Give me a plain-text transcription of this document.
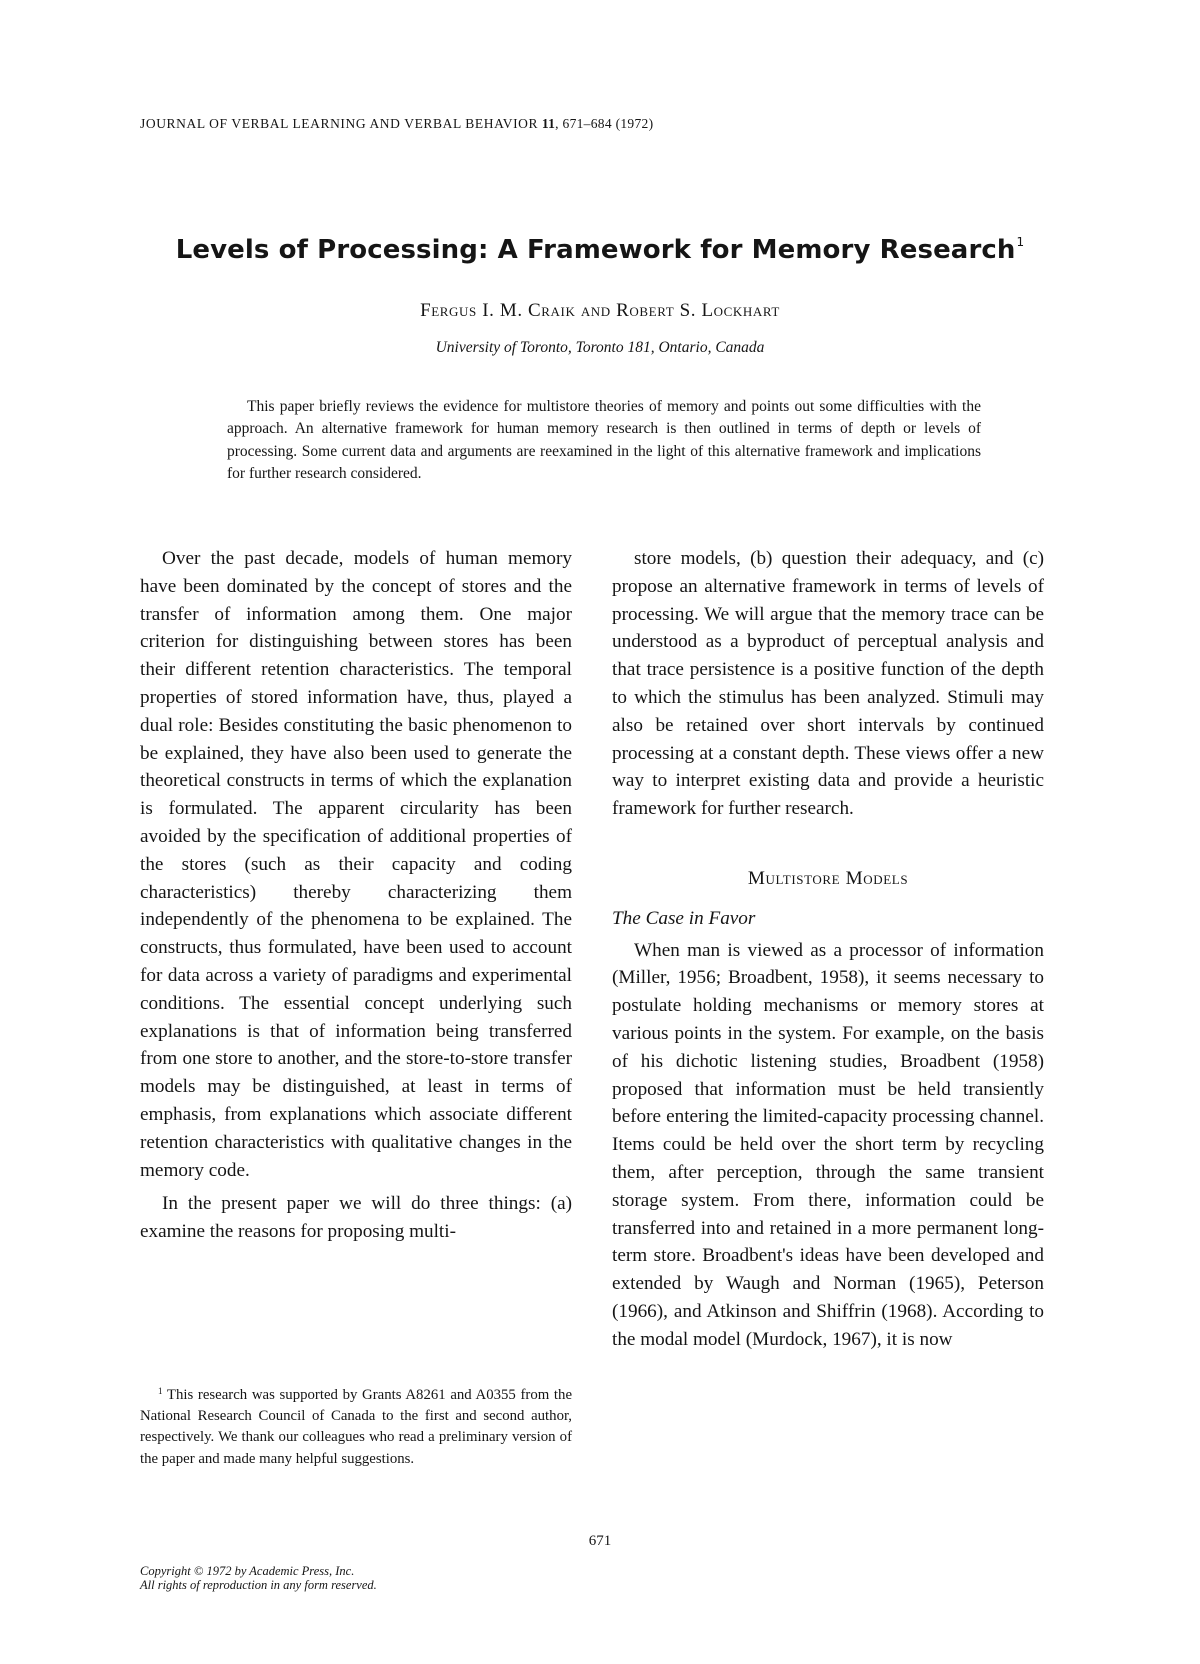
JOURNAL OF VERBAL LEARNING AND VERBAL BEHAVIOR 11, 671–684 (1972)
Levels of Processing: A Framework for Memory Research$^1$
Fergus I. M. Craik and Robert S. Lockhart
University of Toronto, Toronto 181, Ontario, Canada
This paper briefly reviews the evidence for multistore theories of memory and points out some difficulties with the approach. An alternative framework for human memory research is then outlined in terms of depth or levels of processing. Some current data and arguments are reexamined in the light of this alternative framework and implications for further research considered.

Over the past decade, models of human memory have been dominated by the concept of stores and the transfer of information among them. One major criterion for distinguishing between stores has been their different retention characteristics. The temporal properties of stored information have, thus, played a dual role: Besides constituting the basic phenomenon to be explained, they have also been used to generate the theoretical constructs in terms of which the explanation is formulated. The apparent circularity has been avoided by the specification of additional properties of the stores (such as their capacity and coding characteristics) thereby characterizing them independently of the phenomena to be explained. The constructs, thus formulated, have been used to account for data across a variety of paradigms and experimental conditions. The essential concept underlying such explanations is that of information being transferred from one store to another, and the store-to-store transfer models may be distinguished, at least in terms of emphasis, from explanations which associate different retention characteristics with qualitative changes in the memory code.

In the present paper we will do three things: (a) examine the reasons for proposing multi-

store models, (b) question their adequacy, and (c) propose an alternative framework in terms of levels of processing. We will argue that the memory trace can be understood as a byproduct of perceptual analysis and that trace persistence is a positive function of the depth to which the stimulus has been analyzed. Stimuli may also be retained over short intervals by continued processing at a constant depth. These views offer a new way to interpret existing data and provide a heuristic framework for further research.

Multistore Models
The Case in Favor

When man is viewed as a processor of information (Miller, 1956; Broadbent, 1958), it seems necessary to postulate holding mechanisms or memory stores at various points in the system. For example, on the basis of his dichotic listening studies, Broadbent (1958) proposed that information must be held transiently before entering the limited-capacity processing channel. Items could be held over the short term by recycling them, after perception, through the same transient storage system. From there, information could be transferred into and retained in a more permanent long-term store. Broadbent's ideas have been developed and extended by Waugh and Norman (1965), Peterson (1966), and Atkinson and Shiffrin (1968). According to the modal model (Murdock, 1967), it is now

$^1$ This research was supported by Grants A8261 and A0355 from the National Research Council of Canada to the first and second author, respectively. We thank our colleagues who read a preliminary version of the paper and made many helpful suggestions.
671
Copyright © 1972 by Academic Press, Inc.
All rights of reproduction in any form reserved.
